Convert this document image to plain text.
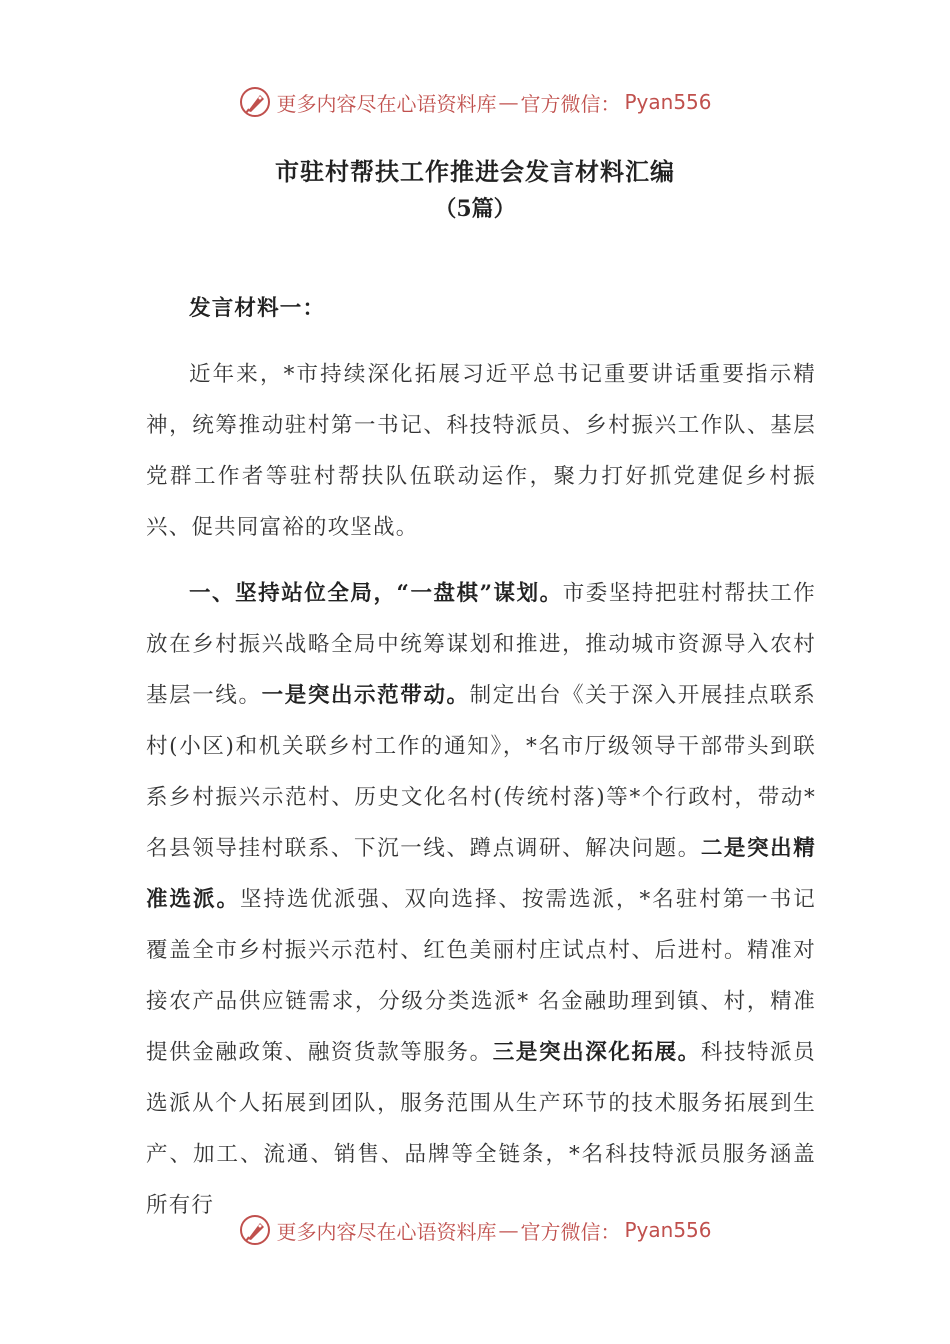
更多内容尽在心语资料库 — 官方微信： Pyan556
市驻村帮扶工作推进会发言材料汇编
（5篇）

发言材料一：

近年来，*市持续深化拓展习近平总书记重要讲话重要指示精神，统筹推动驻村第一书记、科技特派员、乡村振兴工作队、基层党群工作者等驻村帮扶队伍联动运作，聚力打好抓党建促乡村振兴、促共同富裕的攻坚战。

一、坚持站位全局，“一盘棋”谋划。市委坚持把驻村帮扶工作放在乡村振兴战略全局中统筹谋划和推进，推动城市资源导入农村基层一线。一是突出示范带动。制定出台《关于深入开展挂点联系村(小区)和机关联乡村工作的通知》，*名市厅级领导干部带头到联系乡村振兴示范村、历史文化名村(传统村落)等*个行政村，带动*名县领导挂村联系、下沉一线、蹲点调研、解决问题。二是突出精准选派。坚持选优派强、双向选择、按需选派，*名驻村第一书记覆盖全市乡村振兴示范村、红色美丽村庄试点村、后进村。精准对接农产品供应链需求，分级分类选派* 名金融助理到镇、村，精准提供金融政策、融资货款等服务。三是突出深化拓展。科技特派员选派从个人拓展到团队，服务范围从生产环节的技术服务拓展到生产、加工、流通、销售、品牌等全链条，*名科技特派员服务涵盖所有行

更多内容尽在心语资料库 — 官方微信： Pyan556
